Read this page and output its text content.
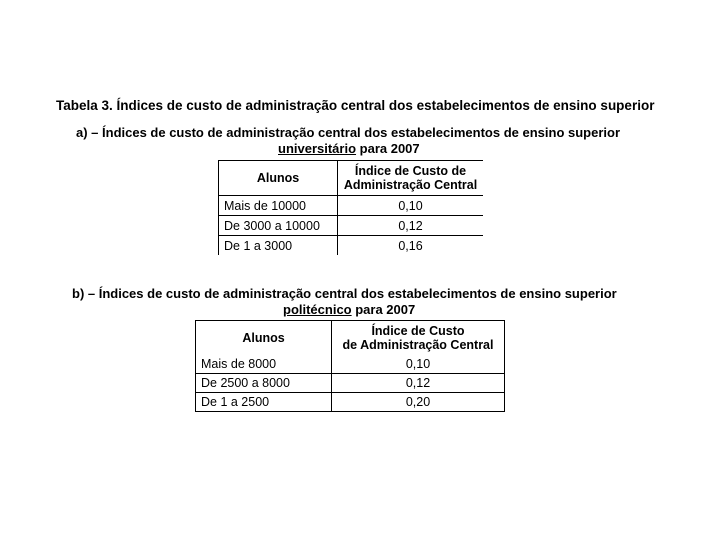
Tabela 3. Índices de custo de administração central dos estabelecimentos de ensino superior
a) – Índices de custo de administração central dos estabelecimentos de ensino superior
universitário para 2007
Alunos	Índice de Custo de
Administração Central
Mais de 10000	0,10
De 3000 a 10000	0,12
De 1 a 3000	0,16
b) – Índices de custo de administração central dos estabelecimentos de ensino superior
politécnico para 2007
Alunos	Índice de Custo
de Administração Central
Mais de 8000	0,10
De 2500 a 8000	0,12
De 1 a 2500	0,20
